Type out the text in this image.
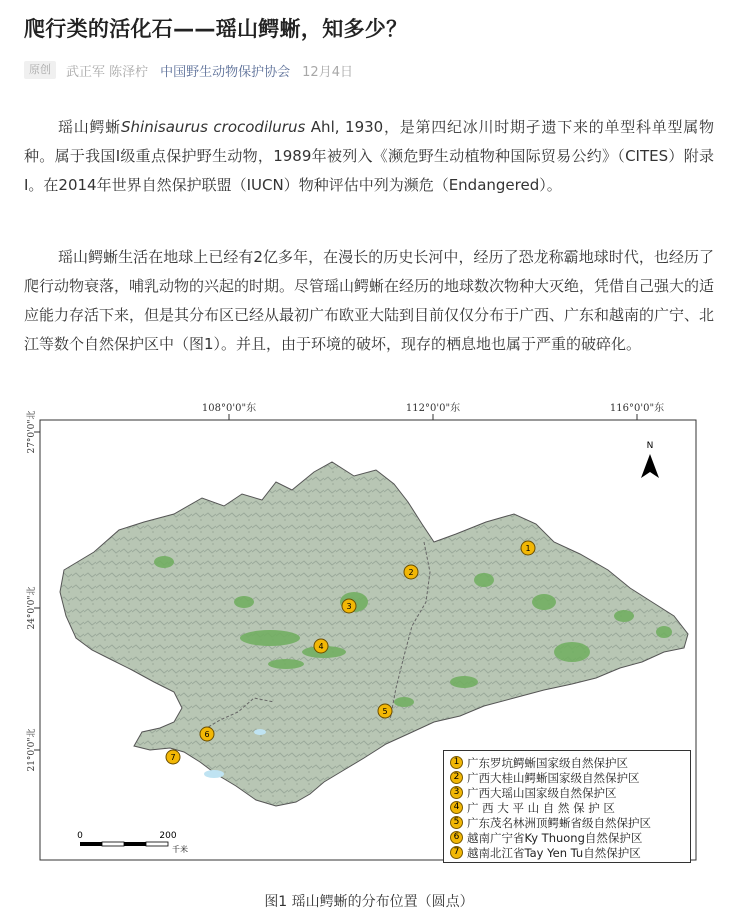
爬行类的活化石——瑶山鳄蜥，知多少？
原创	武正军 陈泽柠 中国野生动物保护协会 12月4日

瑶山鳄蜥Shinisaurus crocodilurus Ahl, 1930，是第四纪冰川时期孑遗下来的单型科单型属物种。属于我国Ⅰ级重点保护野生动物，1989年被列入《濒危野生动植物种国际贸易公约》（CITES）附录Ⅰ。在2014年世界自然保护联盟（IUCN）物种评估中列为濒危（Endangered）。

瑶山鳄蜥生活在地球上已经有2亿多年，在漫长的历史长河中，经历了恐龙称霸地球时代，也经历了爬行动物衰落，哺乳动物的兴起的时期。尽管瑶山鳄蜥在经历的地球数次物种大灭绝，凭借自己强大的适应能力存活下来，但是其分布区已经从最初广布欧亚大陆到目前仅仅分布于广西、广东和越南的广宁、北江等数个自然保护区中（图1）。并且，由于环境的破坏，现存的栖息地也属于严重的破碎化。

108°0'0"东	112°0'0"东	116°0'0"东
27°0'0"北
24°0'0"北
21°0'0"北
N
1
2
3
4
5
6
7
0	200
千米
1 广东罗坑鳄蜥国家级自然保护区
2 广西大桂山鳄蜥国家级自然保护区
3 广西大瑶山国家级自然保护区
4 广 西 大 平 山 自 然 保 护 区
5 广东茂名林洲顶鳄蜥省级自然保护区
6 越南广宁省Ky Thuong自然保护区
7 越南北江省Tay Yen Tu自然保护区
图1 瑶山鳄蜥的分布位置（圆点）
